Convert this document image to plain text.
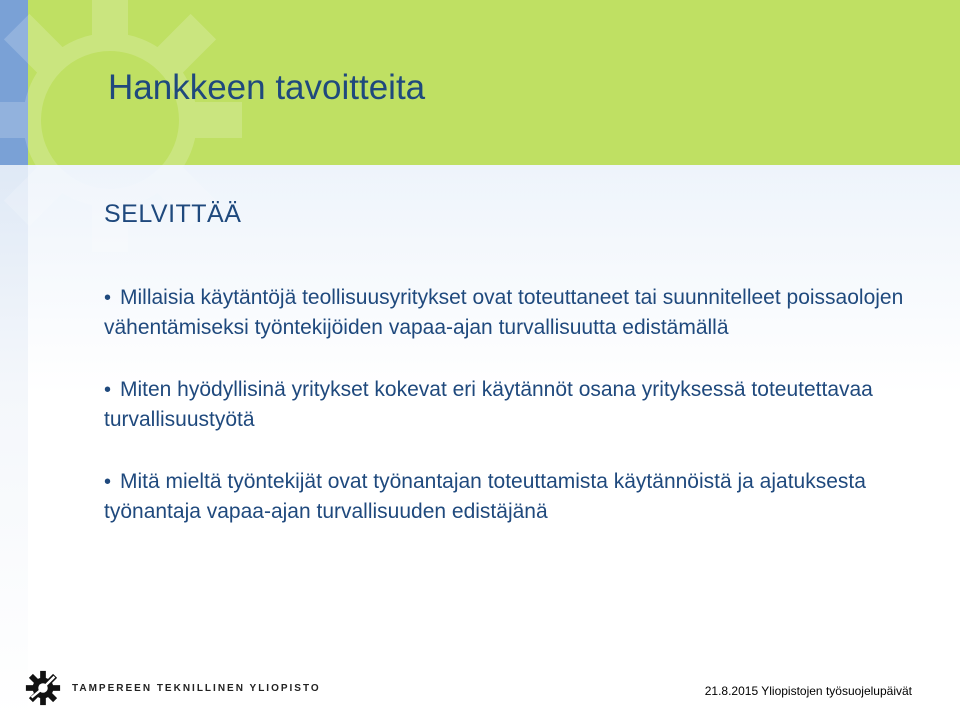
Hankkeen tavoitteita
SELVITTÄÄ
• Millaisia käytäntöjä teollisuusyritykset ovat toteuttaneet tai suunnitelleet poissaolojen vähentämiseksi työntekijöiden vapaa-ajan turvallisuutta edistämällä
• Miten hyödyllisinä yritykset kokevat eri käytännöt osana yrityksessä toteutettavaa turvallisuustyötä
• Mitä mieltä työntekijät ovat työnantajan toteuttamista käytännöistä ja ajatuksesta työnantaja vapaa-ajan turvallisuuden edistäjänä
TAMPEREEN TEKNILLINEN YLIOPISTO	21.8.2015 Yliopistojen työsuojelupäivät
